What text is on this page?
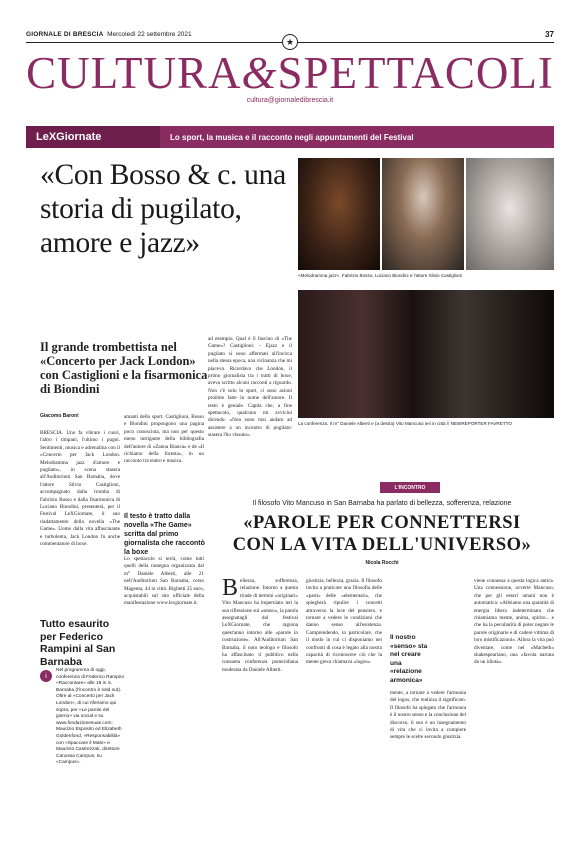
GIORNALE DI BRESCIA Mercoledì 22 settembre 2021	37
★
CULTURA&SPETTACOLI
cultura@giornaledibrescia.it
LeXGiornate	Lo sport, la musica e il racconto negli appuntamenti del Festival
«Con Bosso & c. una storia di pugilato, amore e jazz»
«Melodramma jazz». Fabrizio Bosso, Luciano Biondini e l'attore Silvio Castiglioni
La conferenza. Il m° Daniele Alberti e (a destra) Vito Mancuso ieri in città // NEWREPORTER FAVRETTO
Il grande trombettista nel «Concerto per Jack London» con Castiglioni e la fisarmonica di Biondini
Giacomo Baroni

BRESCIA. Uno fa vibrare i cuori, l'altro i timpani, l'ultimo i pugni. Sentimenti, musica e adrenalina con il «Concerto per Jack London. Melodramma jazz d'amore e pugilato», in scena stasera all'Auditorium San Barnaba, dove l'attore Silvio Castiglioni, accompagnato dalla tromba di Fabrizio Bosso e dalla fisarmonica di Luciano Biondini, presenterà, per il Festival LeXGiornate, il suo riadattamento della novella «The Game». Uomo dalla vita affascinante e turbolenta, Jack London fu anche commentatore di boxe.

amanti dello sport. Castiglioni, Bosso e Biondini propongono una pagina poco conosciuta, ma non per questo meno intrigante della bibliografia dell'autore di «Zanna Bianca» e de «Il richiamo della foresta», in un racconto tra teatro e musica.

Il testo è tratto dalla novella «The Game» scritta dal primo giornalista che raccontò la boxe

Lo spettacolo si terrà, come tutti quelli della rassegna organizzata dal m° Daniele Alberti, alle 21 nell'Auditorium San Barnaba, corso Magenta, 44 in città. Biglietti 25 euro, acquistabili sul sito ufficiale della manifestazione www.lexgiornate.it.

ad esempio. Qual è il fascino di «The Game»? Castiglioni: - Ejazz e il pugilato si sono affermati all'incirca nella stessa epoca, una vicinanza che mi piaceva. Ricordavo che London, il primo giornalista tra i tratti di boxe, aveva scritto alcuni racconti a riguardo. Non c'è solo lo sport, ci sono azioni proibite fatte in nome dell'amore. Il testo è geniale. Capita che, a fine spettacolo, qualcuno mi avvicini dicendo: «Non sono mai andato ad assistere a un incontro di pugilato: stasera l'ho vissuto».

Tutto esaurito per Federico Rampini al San Barnaba
i
Nel programma di oggi, conferenza di Federico Rampini «Raccontare» alle 18 in S. Barnaba (l'incontro è sold out). Oltre al «Concerto per Jack London», di cui riferiamo qui sopra, per «Le parole del giorno» via social e su www.fondazionesuas.com: Maurizio Esposito ed Elizabeth Goldenfond, «Responsabilità» con «Spaccare il Male» e Maurizio Castrezzati, direttore Canossa Campus, su «Campus».
L'INCONTRO
Il filosofo Vito Mancuso in San Barnaba ha parlato di bellezza, sofferenza, relazione
«PAROLE PER CONNETTERSI CON LA VITA DELL'UNIVERSO»
Nicola Rocchi
B ellezza, sofferenza, relazione. Intorno a questa triade di termini «originari» Vito Mancuso ha imperniato ieri la sua riflessione sul «senso», la parola assegnatagli dal festival LeXGiornate, che ragiona quest'anno intorno alle «parole in costruzione». All'Auditorium San Barnaba, il noto teologo e filosofo ha affascinato il pubblico nella consueta conferenza pomeridiana moderata da Daniele Alberti.

giustizia, bellezza, grazia. Il filosofo invita a praticare una filosofia delle «parti» delle «elementari», che spiegherà ripulire i concetti attraverso la luce del pensiero, e tornare a vedere le condizioni che danno senso all'esistenza. Comprendendo, in particolare, che il modo in cui ci disponiamo nei confronti di cosa è legato alla nostra capacità di riconoscere ciò che la mente greca chiamava «logos».

Il nostro «senso» sta nel creare una «relazione armonica»

mente, a tornare a vedere l'armonia del logos, che realizza il significato. Il filosofo ha spiegato che l'armonia è il nostro senso e la conclusione del discorso, il suo è un insegnamento di vita che ci invita a compiere sempre le scelte secondo giustizia.

viene connessa a questa logica antica. Una connessione, avverte Mancuso, che per gli esseri umani non è automatica: «Abbiamo una quantità di energia libera indeterminata che chiamiamo mente, anima, spirito... e che ha la peculiarità di poter negare le parole originarie e di cadere vittima di loro mistificazioni». Allora la vita può diventare, come nel «Macbeth» shakespeariano, una «favola narrata da un idiota».
